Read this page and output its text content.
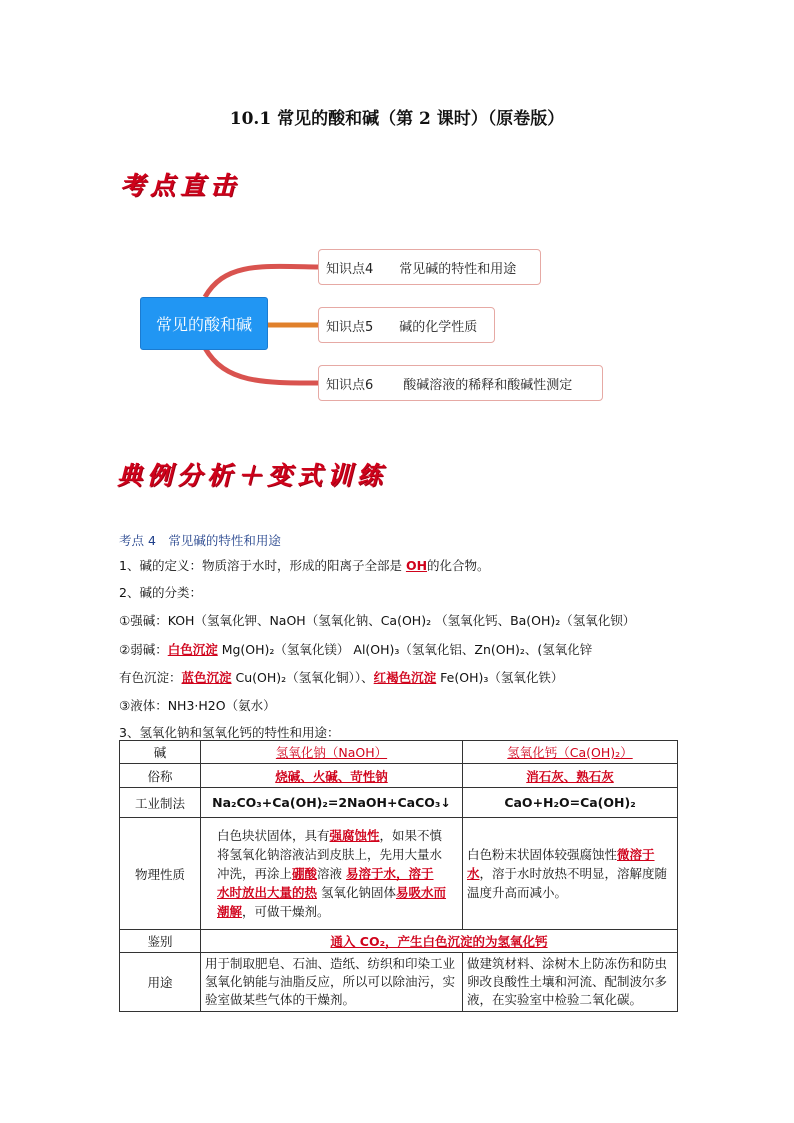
10.1 常见的酸和碱（第 2 课时）（原卷版）
考点直击
常见的酸和碱
知识点4 常见碱的特性和用途
知识点5 碱的化学性质
知识点6 酸碱溶液的稀释和酸碱性测定
典例分析＋变式训练
考点 4　常见碱的特性和用途
1、碱的定义：物质溶于水时，形成的阳离子全部是 OH的化合物。
2、碱的分类：
①强碱：KOH（氢氧化钾、NaOH（氢氧化钠、Ca(OH)₂ （氢氧化钙、Ba(OH)₂（氢氧化钡）
②弱碱：白色沉淀 Mg(OH)₂（氢氧化镁） Al(OH)₃（氢氧化铝、Zn(OH)₂、(氢氧化锌
有色沉淀：蓝色沉淀 Cu(OH)₂（氢氧化铜））、红褐色沉淀 Fe(OH)₃（氢氧化铁）
③液体：NH3·H2O（氨水）
3、氢氧化钠和氢氧化钙的特性和用途：
碱	氢氧化钠（NaOH）	氢氧化钙（Ca(OH)₂）
俗称	烧碱、火碱、苛性钠	消石灰、熟石灰
工业制法	Na₂CO₃+Ca(OH)₂=2NaOH+CaCO₃↓	CaO+H₂O=Ca(OH)₂
物理性质	白色块状固体，具有强腐蚀性，如果不慎将氢氧化钠溶液沾到皮肤上，先用大量水冲洗，再涂上硼酸溶液 易溶于水，溶于水时放出大量的热 氢氧化钠固体易吸水而潮解，可做干燥剂。	白色粉末状固体较强腐蚀性微溶于水，溶于水时放热不明显，溶解度随温度升高而减小。
鉴别	通入 CO₂，产生白色沉淀的为氢氧化钙	
用途	用于制取肥皂、石油、造纸、纺织和印染工业氢氧化钠能与油脂反应，所以可以除油污，实验室做某些气体的干燥剂。	做建筑材料、涂树木上防冻伤和防虫卵改良酸性土壤和河流、配制波尔多液，在实验室中检验二氧化碳。
